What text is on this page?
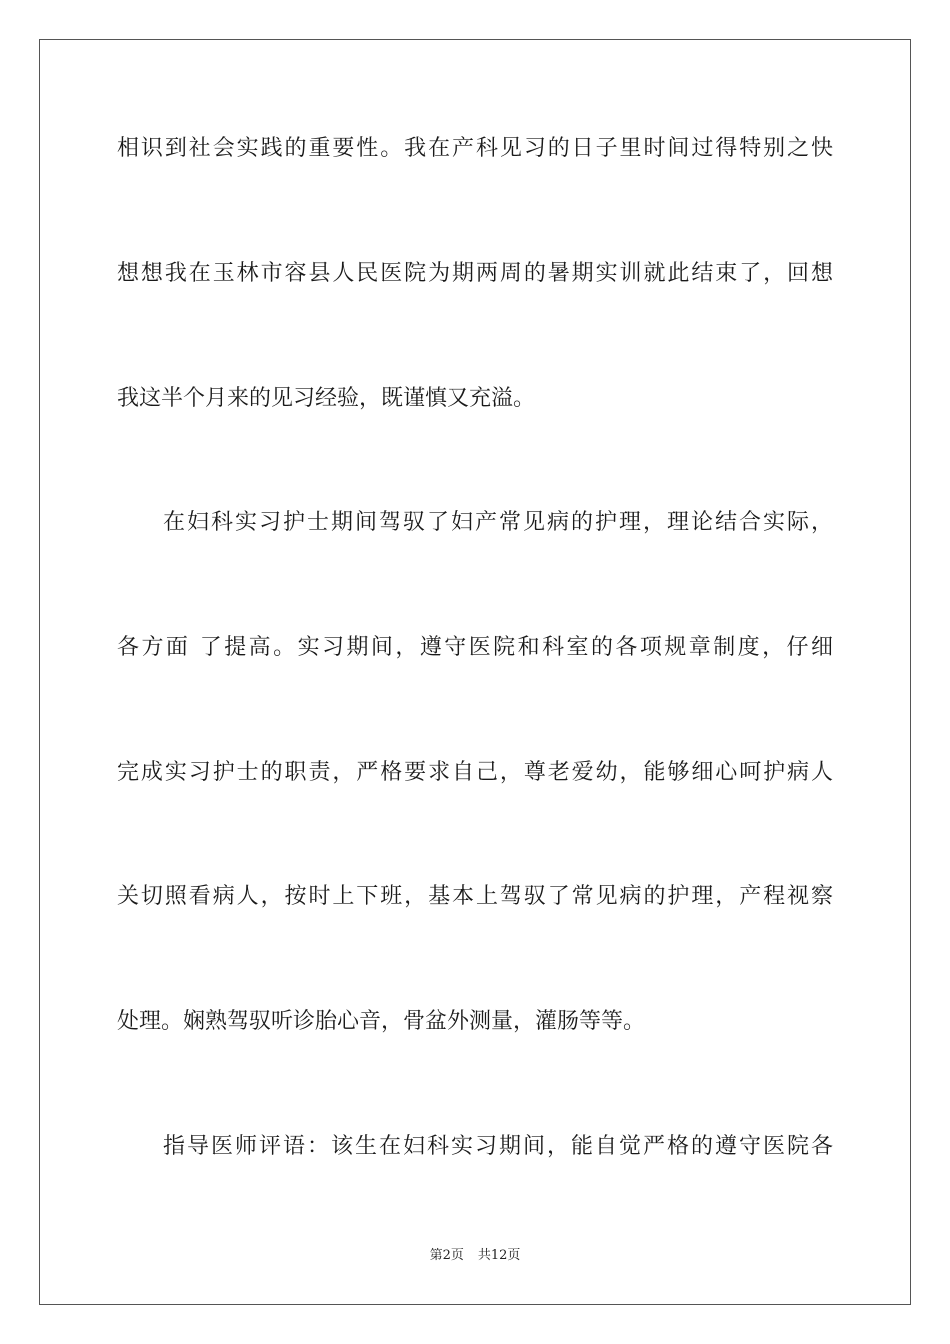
相识到社会实践的重要性。我在产科见习的日子里时间过得特别之快

想想我在玉林市容县人民医院为期两周的暑期实训就此结束了，回想

我这半个月来的见习经验，既谨慎又充溢。

在妇科实习护士期间驾驭了妇产常见病的护理，理论结合实际，

各方面 了提高。实习期间，遵守医院和科室的各项规章制度，仔细

完成实习护士的职责，严格要求自己，尊老爱幼，能够细心呵护病人

关切照看病人，按时上下班，基本上驾驭了常见病的护理，产程视察

处理。娴熟驾驭听诊胎心音，骨盆外测量，灌肠等等。

指导医师评语：该生在妇科实习期间，能自觉严格的遵守医院各

第2页 共12页
